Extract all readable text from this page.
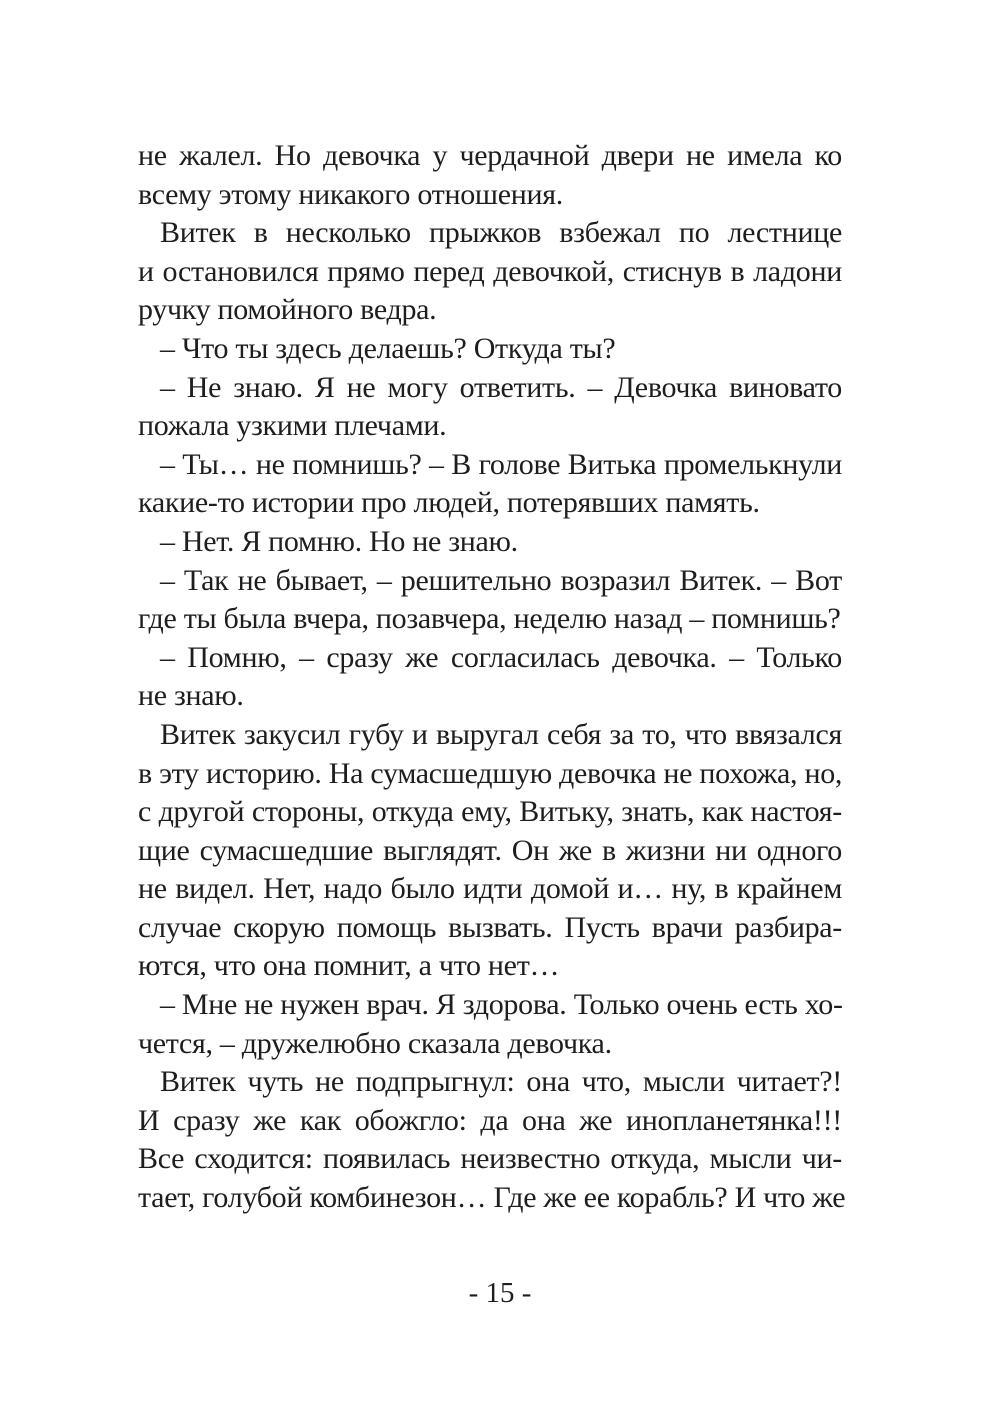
не жалел. Но девочка у чердачной двери не имела ко
всему этому никакого отношения.
Витек в несколько прыжков взбежал по лестнице
и остановился прямо перед девочкой, стиснув в ладони
ручку помойного ведра.
– Что ты здесь делаешь? Откуда ты?
– Не знаю. Я не могу ответить. – Девочка виновато
пожала узкими плечами.
– Ты… не помнишь? – В голове Витька промелькнули
какие-то истории про людей, потерявших память.
– Нет. Я помню. Но не знаю.
– Так не бывает, – решительно возразил Витек. – Вот
где ты была вчера, позавчера, неделю назад – помнишь?
– Помню, – сразу же согласилась девочка. – Только
не знаю.
Витек закусил губу и выругал себя за то, что ввязался
в эту историю. На сумасшедшую девочка не похожа, но,
с другой стороны, откуда ему, Витьку, знать, как настоя-
щие сумасшедшие выглядят. Он же в жизни ни одного
не видел. Нет, надо было идти домой и… ну, в крайнем
случае скорую помощь вызвать. Пусть врачи разбира-
ются, что она помнит, а что нет…
– Мне не нужен врач. Я здорова. Только очень есть хо-
чется, – дружелюбно сказала девочка.
Витек чуть не подпрыгнул: она что, мысли читает?!
И сразу же как обожгло: да она же инопланетянка!!!
Все сходится: появилась неизвестно откуда, мысли чи-
тает, голубой комбинезон… Где же ее корабль? И что же
- 15 -
